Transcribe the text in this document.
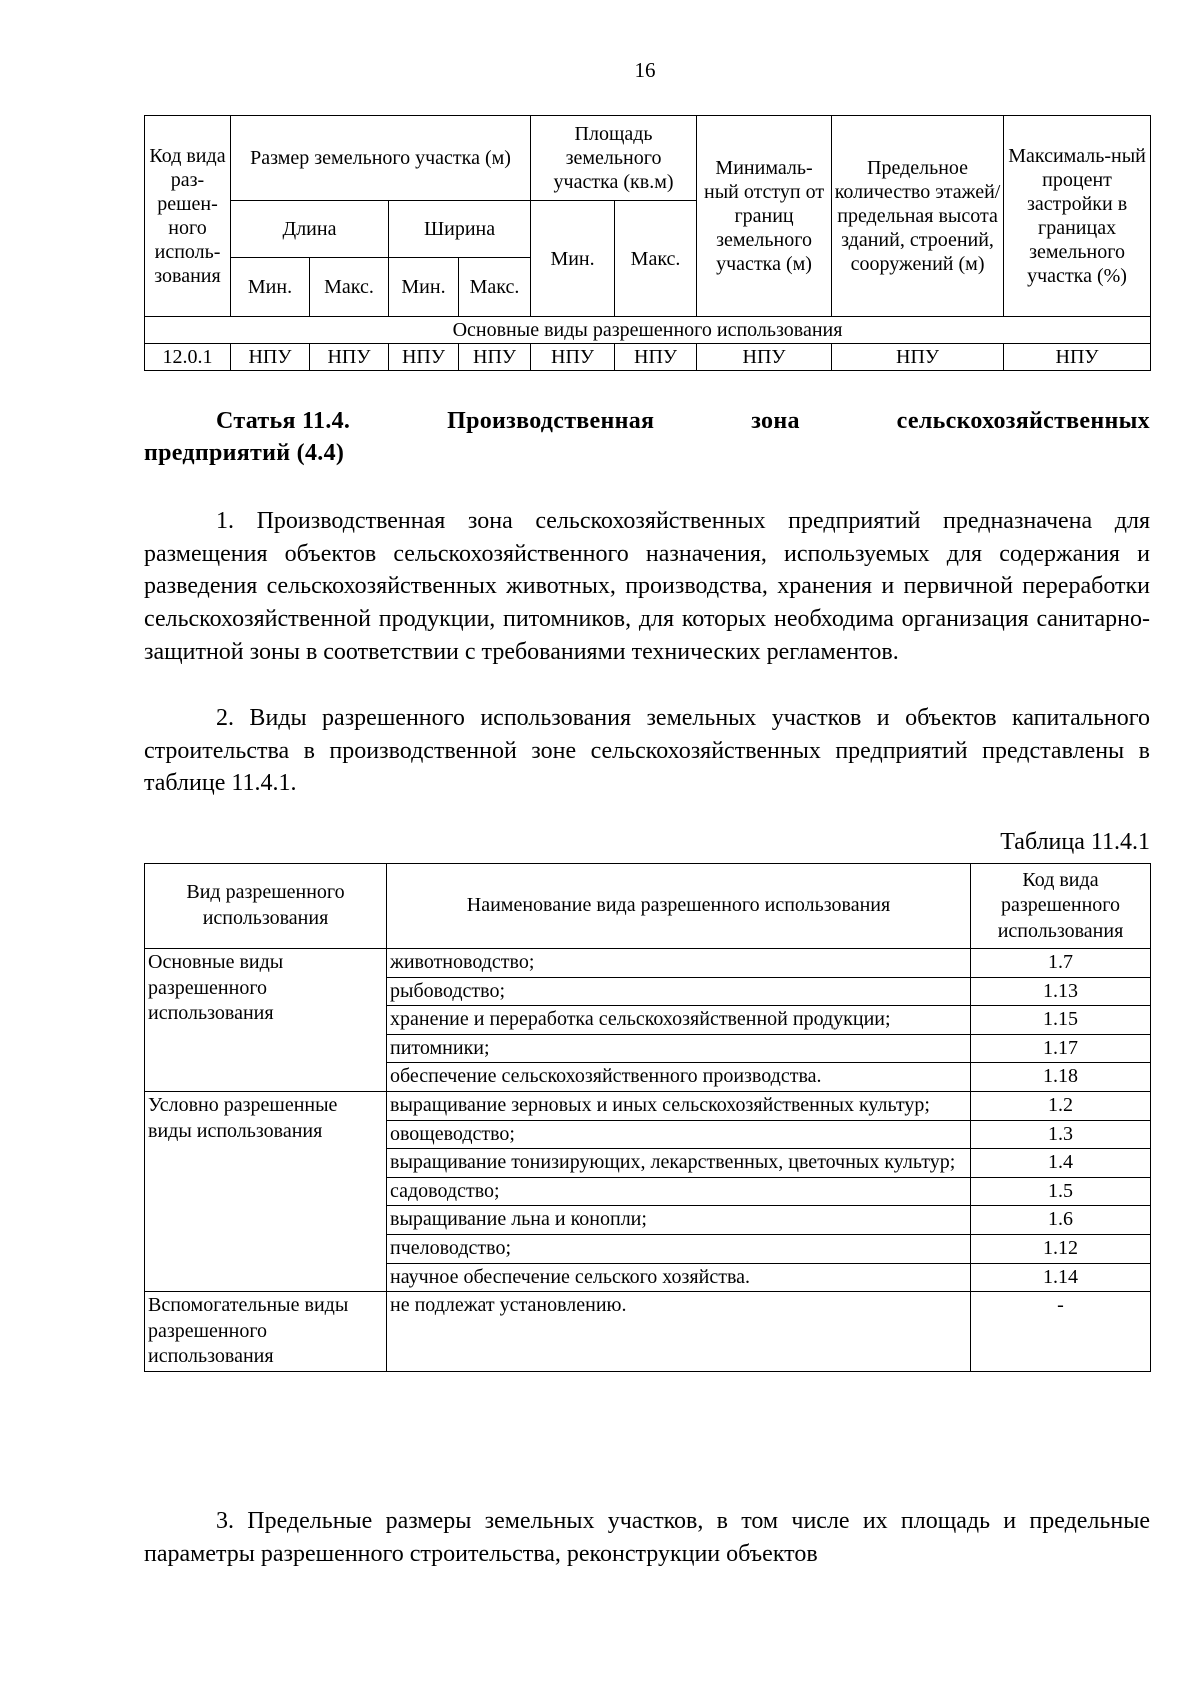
16
Код вида раз-решен-ного исполь-зования	Размер земельного участка (м)				Площадь земельного участка (кв.м)		Минималь-ный отступ от границ земельного участка (м)	Предельное количество этажей/ предельная высота зданий, строений, сооружений (м)	Максималь-ный процент застройки в границах земельного участка (%)
	Длина		Ширина		Мин.	Макс.			
	Мин.	Макс.	Мин.	Макс.					
Основные виды разрешенного использования									
12.0.1	НПУ	НПУ	НПУ	НПУ	НПУ	НПУ	НПУ	НПУ	НПУ
Статья 11.4.	Производственная	зона	сельскохозяйственных
предприятий (4.4)

1. Производственная зона сельскохозяйственных предприятий предназначена для размещения объектов сельскохозяйственного назначения, используемых для содержания и разведения сельскохозяйственных животных, производства, хранения и первичной переработки сельскохозяйственной продукции, питомников, для которых необходима организация санитарно-защитной зоны в соответствии с требованиями технических регламентов.

2. Виды разрешенного использования земельных участков и объектов капитального строительства в производственной зоне сельскохозяйственных предприятий представлены в таблице 11.4.1.

Таблица 11.4.1
Вид разрешенного использования	Наименование вида разрешенного использования	Код вида разрешенного использования
Основные виды разрешенного использования	животноводство;	1.7
	рыбоводство;	1.13
	хранение и переработка сельскохозяйственной продукции;	1.15
	питомники;	1.17
	обеспечение сельскохозяйственного производства.	1.18
Условно разрешенные виды использования	выращивание зерновых и иных сельскохозяйственных культур;	1.2
	овощеводство;	1.3
	выращивание тонизирующих, лекарственных, цветочных культур;	1.4
	садоводство;	1.5
	выращивание льна и конопли;	1.6
	пчеловодство;	1.12
	научное обеспечение сельского хозяйства.	1.14
Вспомогательные виды разрешенного использования	не подлежат установлению.	-

3. Предельные размеры земельных участков, в том числе их площадь и предельные параметры разрешенного строительства, реконструкции объектов
